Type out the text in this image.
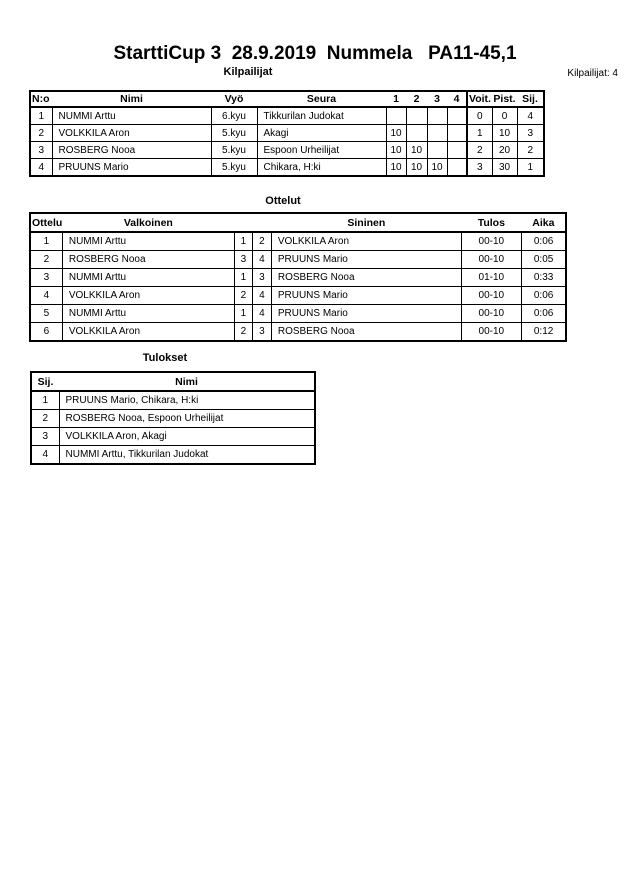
StarttiCup 3  28.9.2019  Nummela   PA11-45,1
Kilpailijat	Kilpailijat: 4
N:o	Nimi	Vyö	Seura	1	2	3	4	Voit.	Pist.	Sij.
1	NUMMI Arttu	6.kyu	Tikkurilan Judokat					0	0	4
2	VOLKKILA Aron	5.kyu	Akagi	10				1	10	3
3	ROSBERG Nooa	5.kyu	Espoon Urheilijat	10	10			2	20	2
4	PRUUNS Mario	5.kyu	Chikara, H:ki	10	10	10		3	30	1
Ottelut
Ottelu	Valkoinen			Sininen	Tulos	Aika
1	NUMMI Arttu	1	2	VOLKKILA Aron	00-10	0:06
2	ROSBERG Nooa	3	4	PRUUNS Mario	00-10	0:05
3	NUMMI Arttu	1	3	ROSBERG Nooa	01-10	0:33
4	VOLKKILA Aron	2	4	PRUUNS Mario	00-10	0:06
5	NUMMI Arttu	1	4	PRUUNS Mario	00-10	0:06
6	VOLKKILA Aron	2	3	ROSBERG Nooa	00-10	0:12
Tulokset
Sij.	Nimi
1	PRUUNS Mario, Chikara, H:ki
2	ROSBERG Nooa, Espoon Urheilijat
3	VOLKKILA Aron, Akagi
4	NUMMI Arttu, Tikkurilan Judokat
